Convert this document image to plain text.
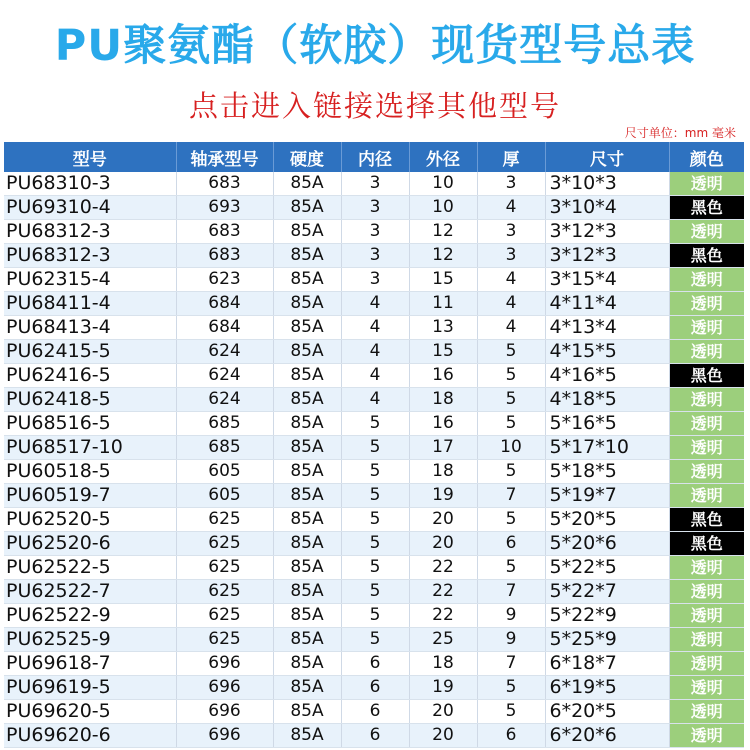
PU聚氨酯（软胶）现货型号总表
点击进入链接选择其他型号
尺寸单位：mm 毫米
型号	轴承型号	硬度	内径	外径	厚	尺寸	颜色
PU68310-3	683	85A	3	10	3	3*10*3	透明
PU69310-4	693	85A	3	10	4	3*10*4	黑色
PU68312-3	683	85A	3	12	3	3*12*3	透明
PU68312-3	683	85A	3	12	3	3*12*3	黑色
PU62315-4	623	85A	3	15	4	3*15*4	透明
PU68411-4	684	85A	4	11	4	4*11*4	透明
PU68413-4	684	85A	4	13	4	4*13*4	透明
PU62415-5	624	85A	4	15	5	4*15*5	透明
PU62416-5	624	85A	4	16	5	4*16*5	黑色
PU62418-5	624	85A	4	18	5	4*18*5	透明
PU68516-5	685	85A	5	16	5	5*16*5	透明
PU68517-10	685	85A	5	17	10	5*17*10	透明
PU60518-5	605	85A	5	18	5	5*18*5	透明
PU60519-7	605	85A	5	19	7	5*19*7	透明
PU62520-5	625	85A	5	20	5	5*20*5	黑色
PU62520-6	625	85A	5	20	6	5*20*6	黑色
PU62522-5	625	85A	5	22	5	5*22*5	透明
PU62522-7	625	85A	5	22	7	5*22*7	透明
PU62522-9	625	85A	5	22	9	5*22*9	透明
PU62525-9	625	85A	5	25	9	5*25*9	透明
PU69618-7	696	85A	6	18	7	6*18*7	透明
PU69619-5	696	85A	6	19	5	6*19*5	透明
PU69620-5	696	85A	6	20	5	6*20*5	透明
PU69620-6	696	85A	6	20	6	6*20*6	透明
